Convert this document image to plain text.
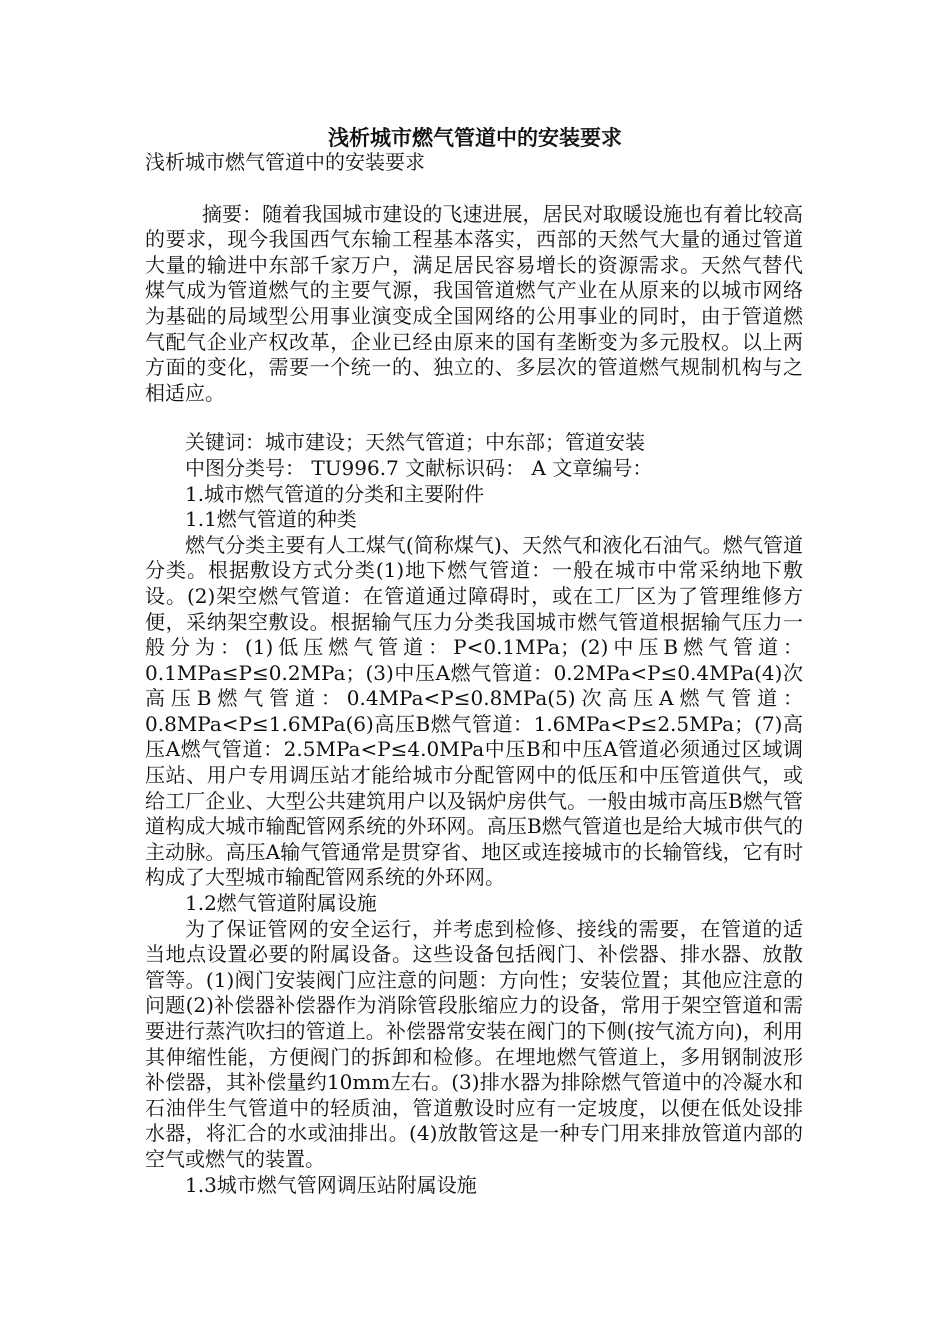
浅析城市燃气管道中的安装要求

浅析城市燃气管道中的安装要求

摘要：随着我国城市建设的飞速进展，居民对取暖设施也有着比较高的要求，现今我国西气东输工程基本落实，西部的天然气大量的通过管道大量的输进中东部千家万户，满足居民容易增长的资源需求。天然气替代煤气成为管道燃气的主要气源，我国管道燃气产业在从原来的以城市网络为基础的局域型公用事业演变成全国网络的公用事业的同时，由于管道燃气配气企业产权改革，企业已经由原来的国有垄断变为多元股权。以上两方面的变化，需要一个统一的、独立的、多层次的管道燃气规制机构与之相适应。

关键词：城市建设；天然气管道；中东部；管道安装

中图分类号： TU996.7 文献标识码： A 文章编号：

1.城市燃气管道的分类和主要附件

1.1燃气管道的种类

燃气分类主要有人工煤气(简称煤气)、天然气和液化石油气。燃气管道分类。根据敷设方式分类(1)地下燃气管道：一般在城市中常采纳地下敷设。(2)架空燃气管道：在管道通过障碍时，或在工厂区为了管理维修方便，采纳架空敷设。根据输气压力分类我国城市燃气管道根据输气压力一般分为：(1)低压燃气管道：P<0.1MPa；(2)中压B燃气管道：0.1MPa≤P≤0.2MPa；(3)中压A燃气管道：0.2MPa<P≤0.4MPa(4)次高压B燃气管道：0.4MPa<P≤0.8MPa(5)次高压A燃气管道：0.8MPa<P≤1.6MPa(6)高压B燃气管道：1.6MPa<P≤2.5MPa；(7)高压A燃气管道：2.5MPa<P≤4.0MPa中压B和中压A管道必须通过区域调压站、用户专用调压站才能给城市分配管网中的低压和中压管道供气，或给工厂企业、大型公共建筑用户以及锅炉房供气。一般由城市高压B燃气管道构成大城市输配管网系统的外环网。高压B燃气管道也是给大城市供气的主动脉。高压A输气管通常是贯穿省、地区或连接城市的长输管线，它有时构成了大型城市输配管网系统的外环网。

1.2燃气管道附属设施

为了保证管网的安全运行，并考虑到检修、接线的需要，在管道的适当地点设置必要的附属设备。这些设备包括阀门、补偿器、排水器、放散管等。(1)阀门安装阀门应注意的问题：方向性；安装位置；其他应注意的问题(2)补偿器补偿器作为消除管段胀缩应力的设备，常用于架空管道和需要进行蒸汽吹扫的管道上。补偿器常安装在阀门的下侧(按气流方向)，利用其伸缩性能，方便阀门的拆卸和检修。在埋地燃气管道上，多用钢制波形补偿器，其补偿量约10mm左右。(3)排水器为排除燃气管道中的冷凝水和石油伴生气管道中的轻质油，管道敷设时应有一定坡度，以便在低处设排水器，将汇合的水或油排出。(4)放散管这是一种专门用来排放管道内部的空气或燃气的装置。

1.3城市燃气管网调压站附属设施
